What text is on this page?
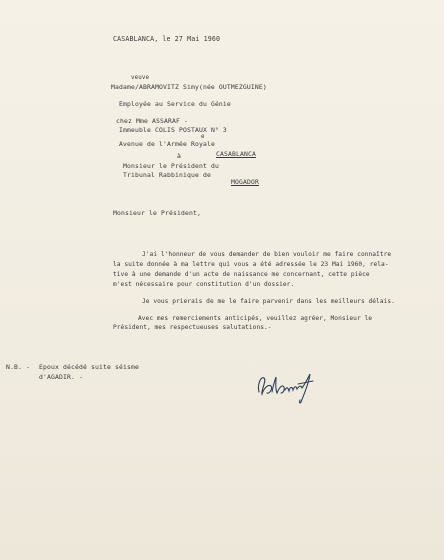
CASABLANCA, le 27 Mai 1960
veuve
Madame/ABRAMOVITZ Simy(née OUTMEZGUINE)
Employée au Service du Génie
chez Mme ASSARAF -
Immeuble COLIS POSTAUX N° 3
e
Avenue de l'Armée Royale
à	CASABLANCA
Monsieur le Président du
Tribunal Rabbinique de
MOGADOR
Monsieur le Président,
J'ai l'honneur de vous demander de bien vouloir me faire connaître
la suite donnée à ma lettre qui vous a été adressée le 23 Mai 1960, rela-
tive à une demande d'un acte de naissance me concernant, cette pièce
m'est nécessaire pour constitution d'un dossier.
Je vous prierais de me le faire parvenir dans les meilleurs délais.
Avec mes remerciements anticipés, veuillez agréer, Monsieur le
Président, mes respectueuses salutations.-
N.B. - Epoux décédé suite séisme
d'AGADIR. -
